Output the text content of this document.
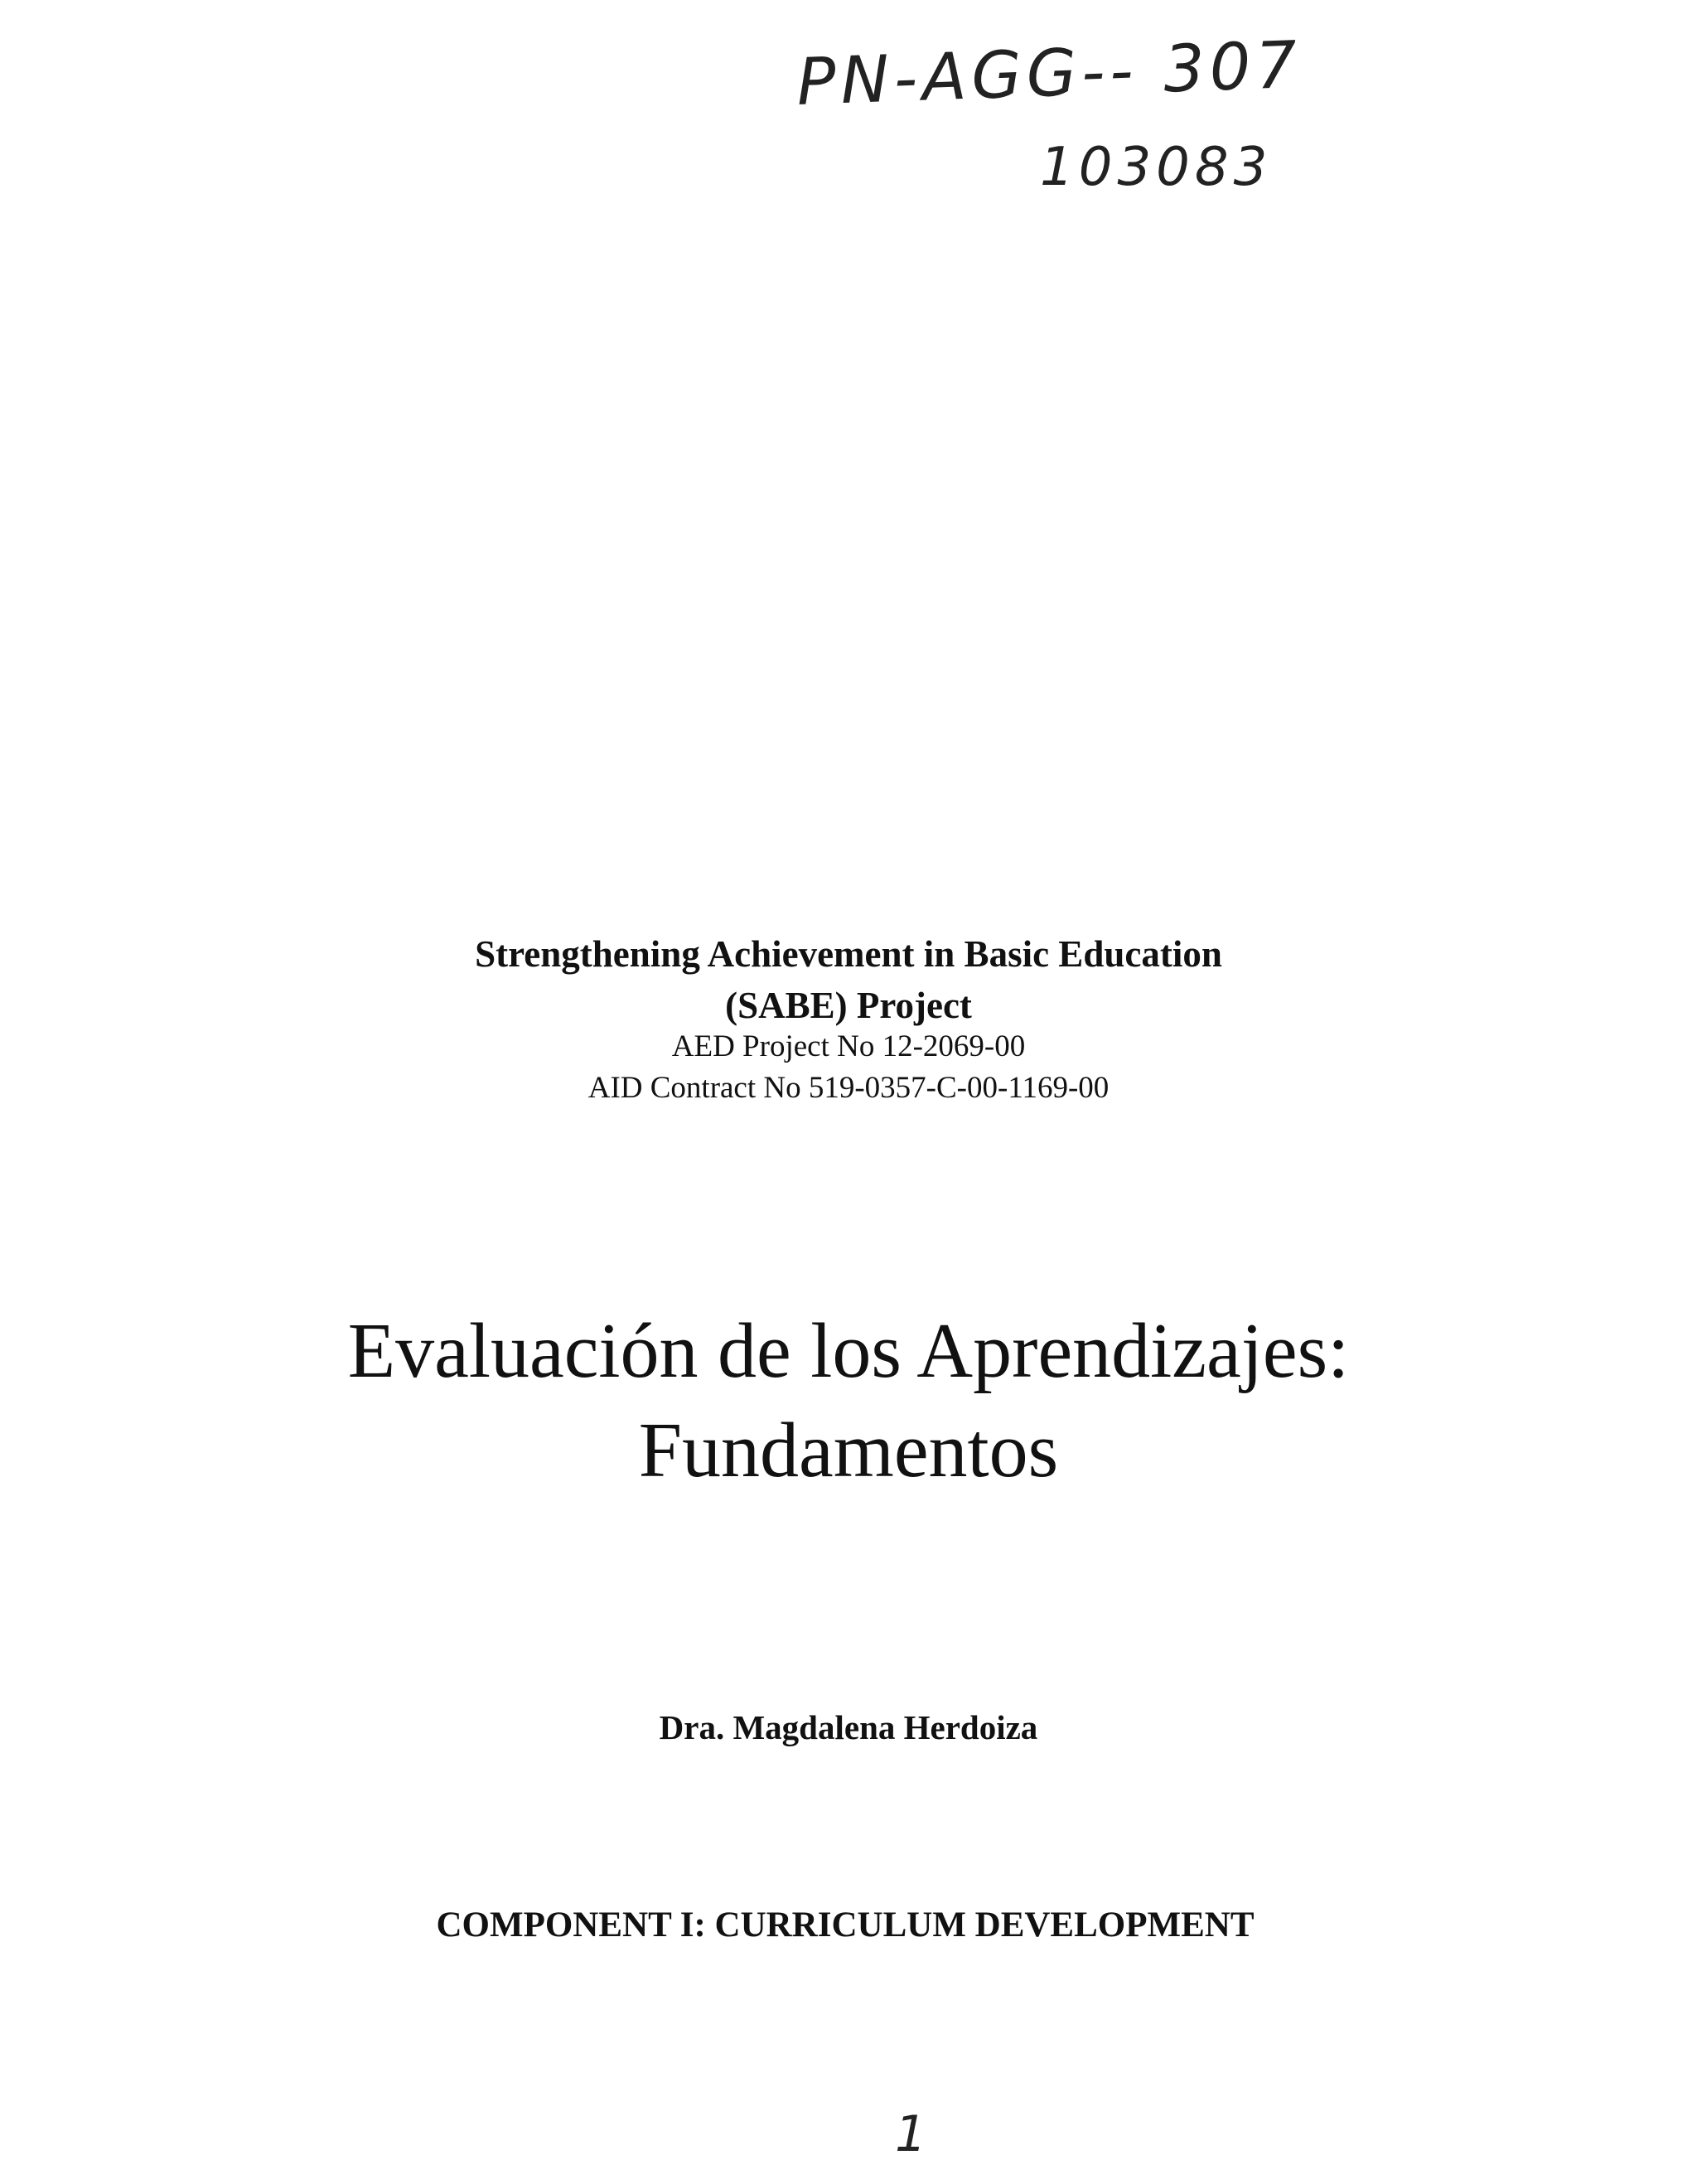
PN-AGG-- 307
103083
Strengthening Achievement in Basic Education
(SABE) Project
AED Project No 12-2069-00
AID Contract No 519-0357-C-00-1169-00
Evaluación de los Aprendizajes:
Fundamentos
Dra. Magdalena Herdoiza
COMPONENT I: CURRICULUM DEVELOPMENT
1
